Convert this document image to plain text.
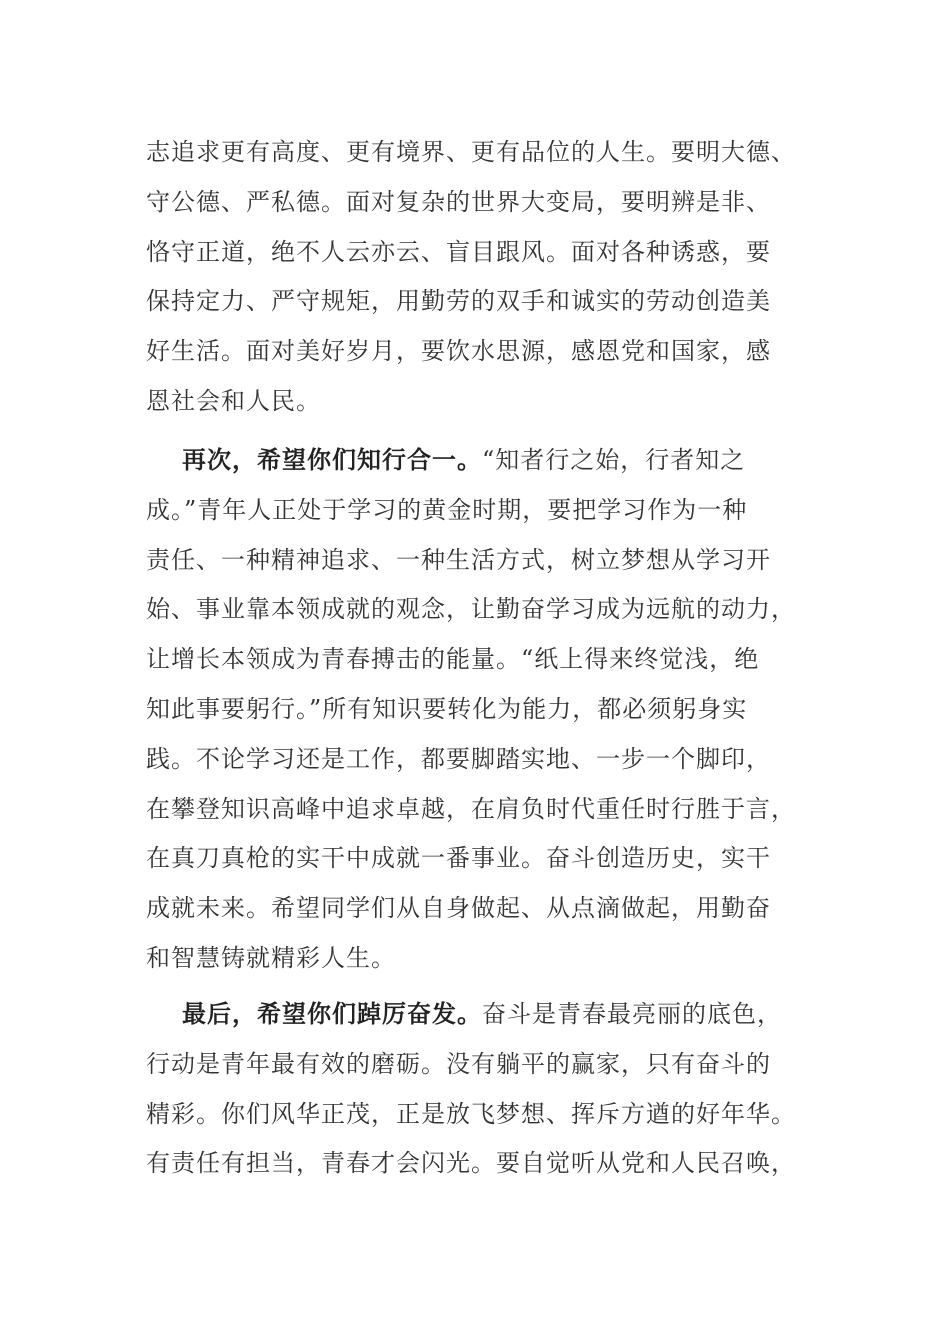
志追求更有高度、更有境界、更有品位的人生。要明大德、
守公德、严私德。面对复杂的世界大变局，要明辨是非、
恪守正道，绝不人云亦云、盲目跟风。面对各种诱惑，要
保持定力、严守规矩，用勤劳的双手和诚实的劳动创造美
好生活。面对美好岁月，要饮水思源，感恩党和国家，感
恩社会和人民。
再次，希望你们知行合一。“知者行之始，行者知之
成。”青年人正处于学习的黄金时期，要把学习作为一种
责任、一种精神追求、一种生活方式，树立梦想从学习开
始、事业靠本领成就的观念，让勤奋学习成为远航的动力，
让增长本领成为青春搏击的能量。“纸上得来终觉浅，绝
知此事要躬行。”所有知识要转化为能力，都必须躬身实
践。不论学习还是工作，都要脚踏实地、一步一个脚印，
在攀登知识高峰中追求卓越，在肩负时代重任时行胜于言，
在真刀真枪的实干中成就一番事业。奋斗创造历史，实干
成就未来。希望同学们从自身做起、从点滴做起，用勤奋
和智慧铸就精彩人生。
最后，希望你们踔厉奋发。奋斗是青春最亮丽的底色，
行动是青年最有效的磨砺。没有躺平的赢家，只有奋斗的
精彩。你们风华正茂，正是放飞梦想、挥斥方遒的好年华。
有责任有担当，青春才会闪光。要自觉听从党和人民召唤，
